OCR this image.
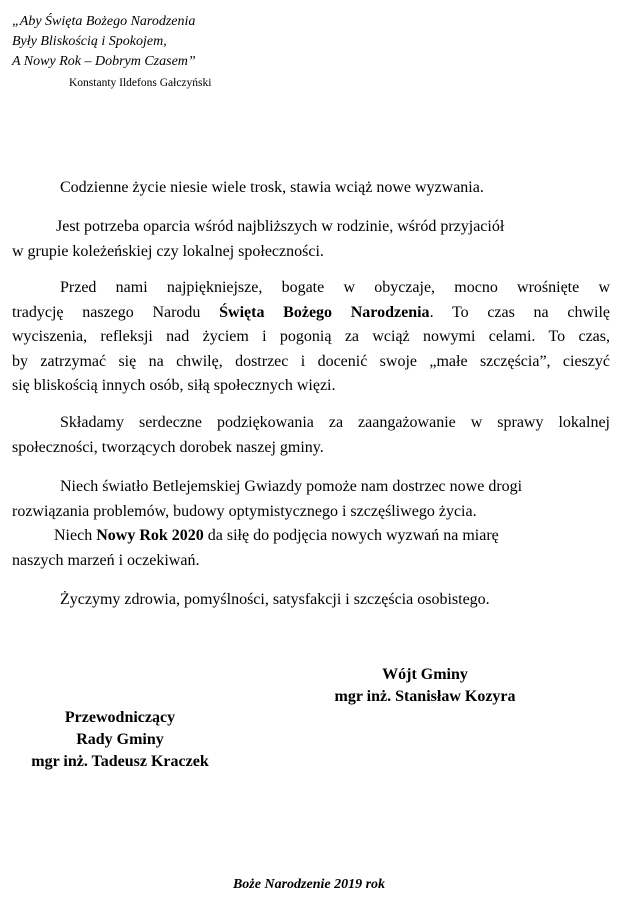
„Aby Święta Bożego Narodzenia
Były Bliskością i Spokojem,
A Nowy Rok – Dobrym Czasem”
Konstanty Ildefons Gałczyński

Codzienne życie niesie wiele trosk, stawia wciąż nowe wyzwania.

Jest potrzeba oparcia wśród najbliższych w rodzinie, wśród przyjaciół
w grupie koleżeńskiej czy lokalnej społeczności.

Przed nami najpiękniejsze, bogate w obyczaje, mocno wrośnięte w
tradycję naszego Narodu Święta Bożego Narodzenia. To czas na chwilę
wyciszenia, refleksji nad życiem i pogonią za wciąż nowymi celami. To czas,
by zatrzymać się na chwilę, dostrzec i docenić swoje „małe szczęścia”, cieszyć
się bliskością innych osób, siłą społecznych więzi.

Składamy serdeczne podziękowania za zaangażowanie w sprawy lokalnej
społeczności, tworzących dorobek naszej gminy.

Niech światło Betlejemskiej Gwiazdy pomoże nam dostrzec nowe drogi
rozwiązania problemów, budowy optymistycznego i szczęśliwego życia.
Niech Nowy Rok 2020 da siłę do podjęcia nowych wyzwań na miarę
naszych marzeń i oczekiwań.

Życzymy zdrowia, pomyślności, satysfakcji i szczęścia osobistego.

Wójt Gminy
mgr inż. Stanisław Kozyra
Przewodniczący
Rady Gminy
mgr inż. Tadeusz Kraczek
Boże Narodzenie 2019 rok
